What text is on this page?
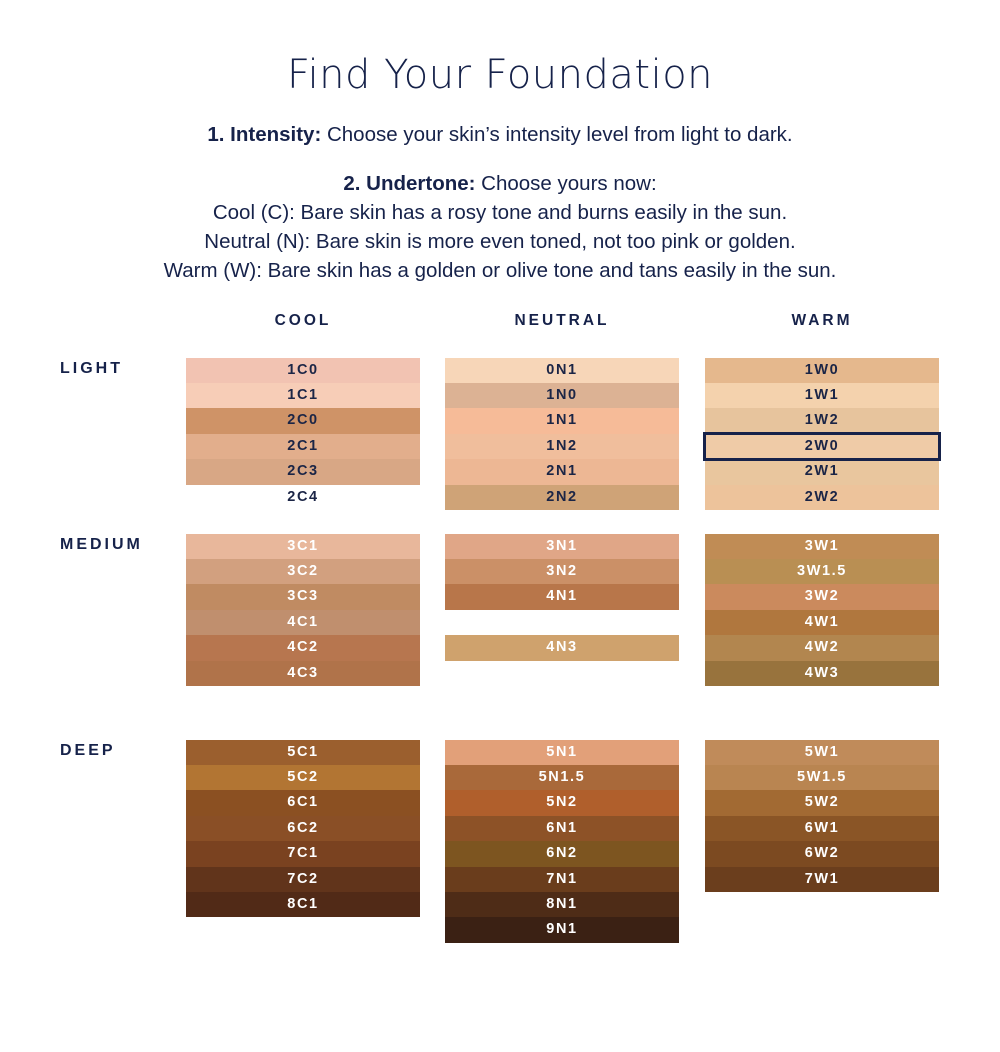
Find Your Foundation
1. Intensity: Choose your skin’s intensity level from light to dark.
2. Undertone: Choose yours now:
Cool (C): Bare skin has a rosy tone and burns easily in the sun.
Neutral (N): Bare skin is more even toned, not too pink or golden.
Warm (W): Bare skin has a golden or olive tone and tans easily in the sun.
COOL	NEUTRAL	WARM
LIGHT
MEDIUM
DEEP
1C0
1C1
2C0
2C1
2C3
2C4
0N1
1N0
1N1
1N2
2N1
2N2
1W0
1W1
1W2
2W0
2W1
2W2
3C1
3C2
3C3
4C1
4C2
4C3
3N1
3N2
4N1
4N2
4N3
3W1
3W1.5
3W2
4W1
4W2
4W3
4W4
5C1
5C2
6C1
6C2
7C1
7C2
8C1
5N1
5N1.5
5N2
6N1
6N2
7N1
8N1
9N1
5W1
5W1.5
5W2
6W1
6W2
7W1
